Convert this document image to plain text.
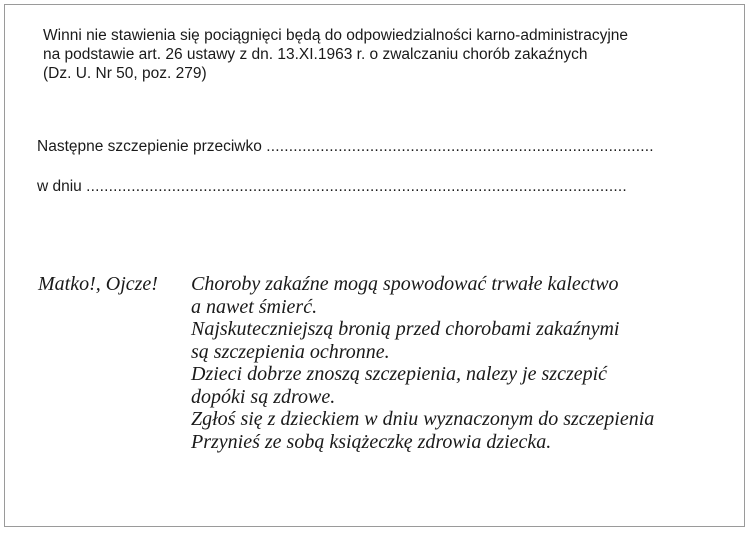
Winni nie stawienia się pociągnięci będą do odpowiedzialności karno-administracyjne
na podstawie art. 26 ustawy z dn. 13.XI.1963 r. o zwalczaniu chorób zakaźnych
(Dz. U. Nr 50, poz. 279)
Następne szczepienie przeciwko ......................................................................................
w dniu ........................................................................................................................
Matko!, Ojcze! Choroby zakaźne mogą spowodować trwałe kalectwo
a nawet śmierć.
Najskuteczniejszą bronią przed chorobami zakaźnymi
są szczepienia ochronne.
Dzieci dobrze znoszą szczepienia, nalezy je szczepić
dopóki są zdrowe.
Zgłoś się z dzieckiem w dniu wyznaczonym do szczepienia
Przynieś ze sobą książeczkę zdrowia dziecka.
